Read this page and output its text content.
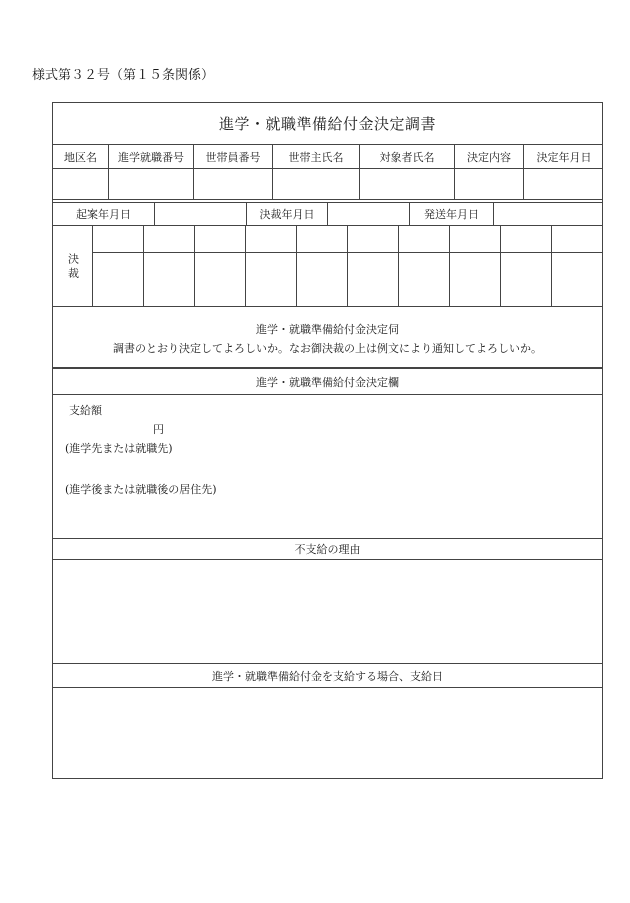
様式第３２号（第１５条関係）
進学・就職準備給付金決定調書
地区名	進学就職番号	世帯員番号	世帯主氏名	対象者氏名	決定内容	決定年月日
起案年月日	決裁年月日	発送年月日
決 裁
進学・就職準備給付金決定伺
調書のとおり決定してよろしいか。なお御決裁の上は例文により通知してよろしいか。
進学・就職準備給付金決定欄
支給額
円
(進学先または就職先)
(進学後または就職後の居住先)
不支給の理由
進学・就職準備給付金を支給する場合、支給日
